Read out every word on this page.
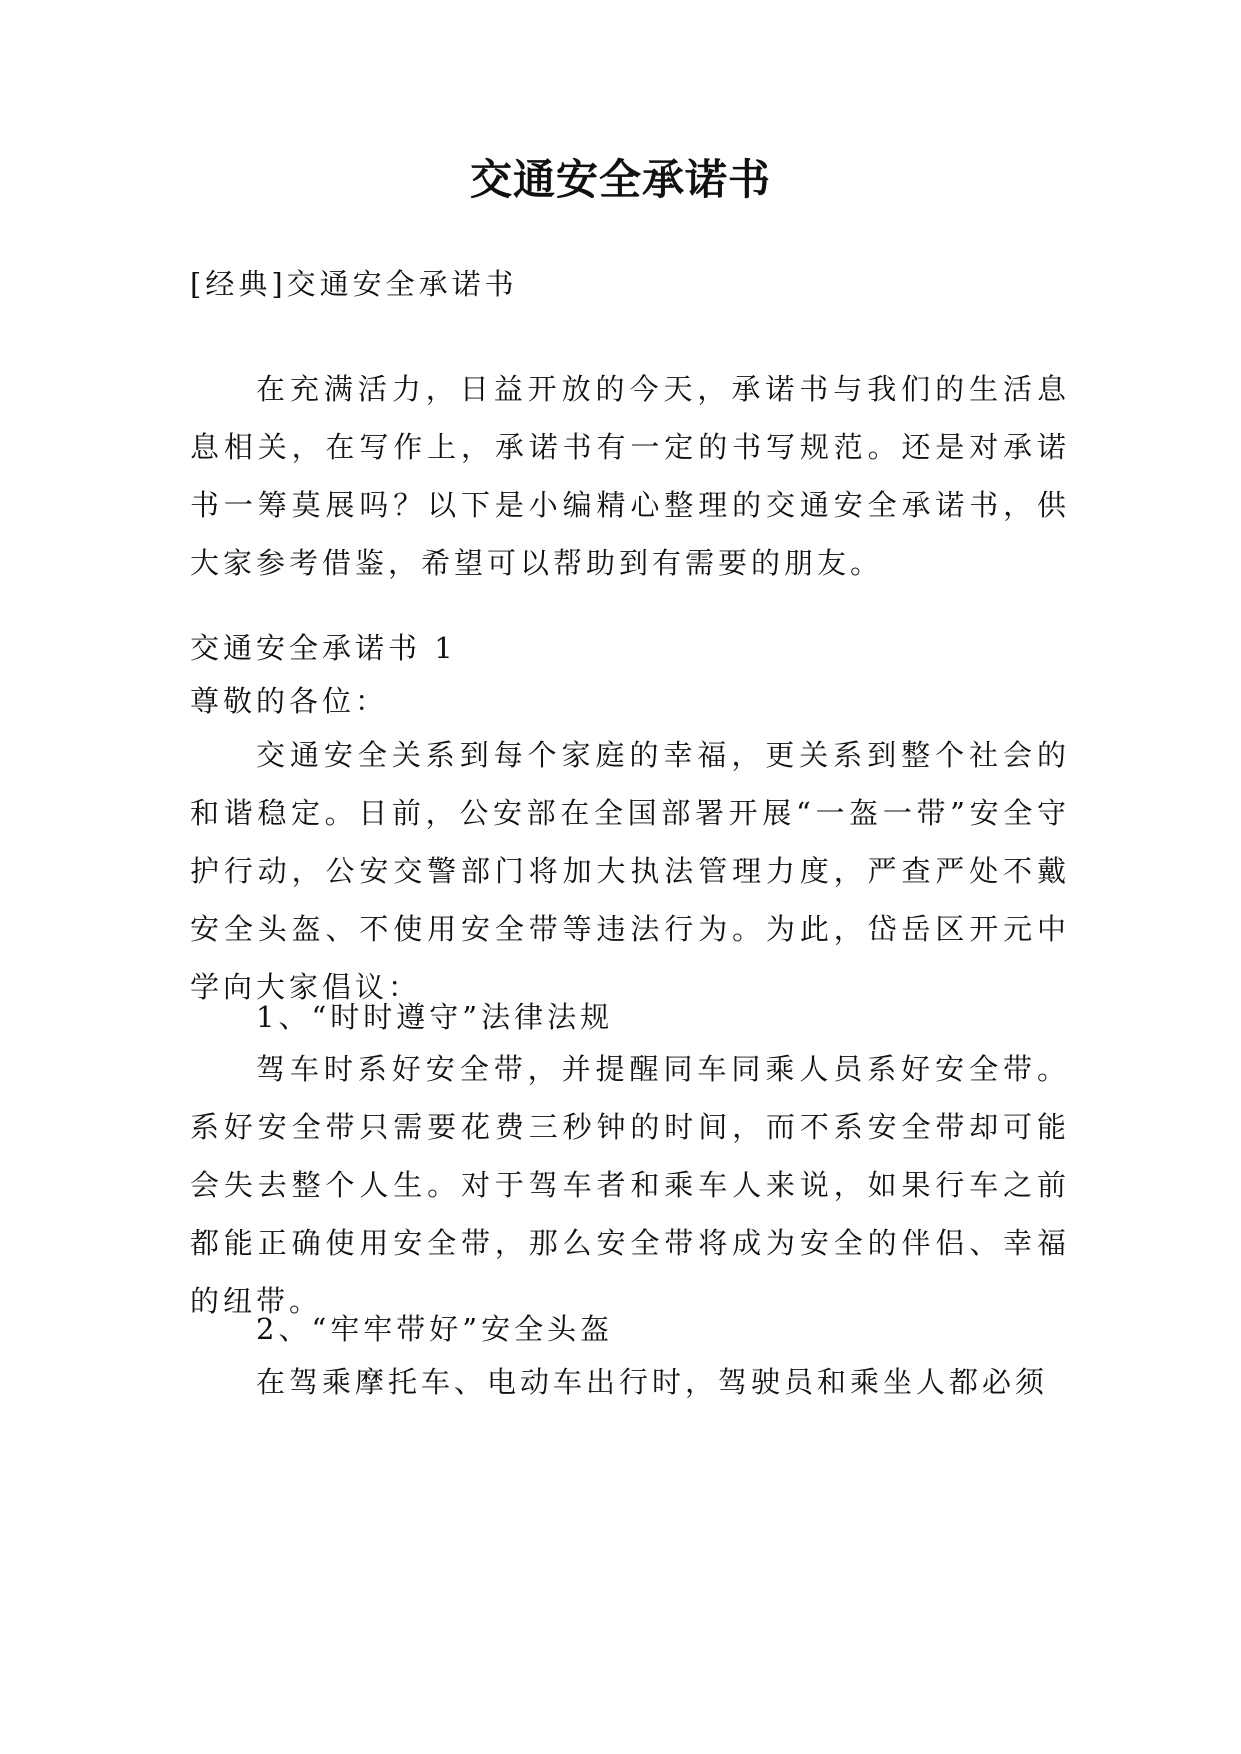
交通安全承诺书

[经典]交通安全承诺书

在充满活力，日益开放的今天，承诺书与我们的生活息息相关，在写作上，承诺书有一定的书写规范。还是对承诺书一筹莫展吗？以下是小编精心整理的交通安全承诺书，供大家参考借鉴，希望可以帮助到有需要的朋友。

交通安全承诺书 1

尊敬的各位：

交通安全关系到每个家庭的幸福，更关系到整个社会的和谐稳定。日前，公安部在全国部署开展“一盔一带”安全守护行动，公安交警部门将加大执法管理力度，严查严处不戴安全头盔、不使用安全带等违法行为。为此，岱岳区开元中学向大家倡议：

1、“时时遵守”法律法规

驾车时系好安全带，并提醒同车同乘人员系好安全带。系好安全带只需要花费三秒钟的时间，而不系安全带却可能会失去整个人生。对于驾车者和乘车人来说，如果行车之前都能正确使用安全带，那么安全带将成为安全的伴侣、幸福的纽带。

2、“牢牢带好”安全头盔

在驾乘摩托车、电动车出行时，驾驶员和乘坐人都必须
